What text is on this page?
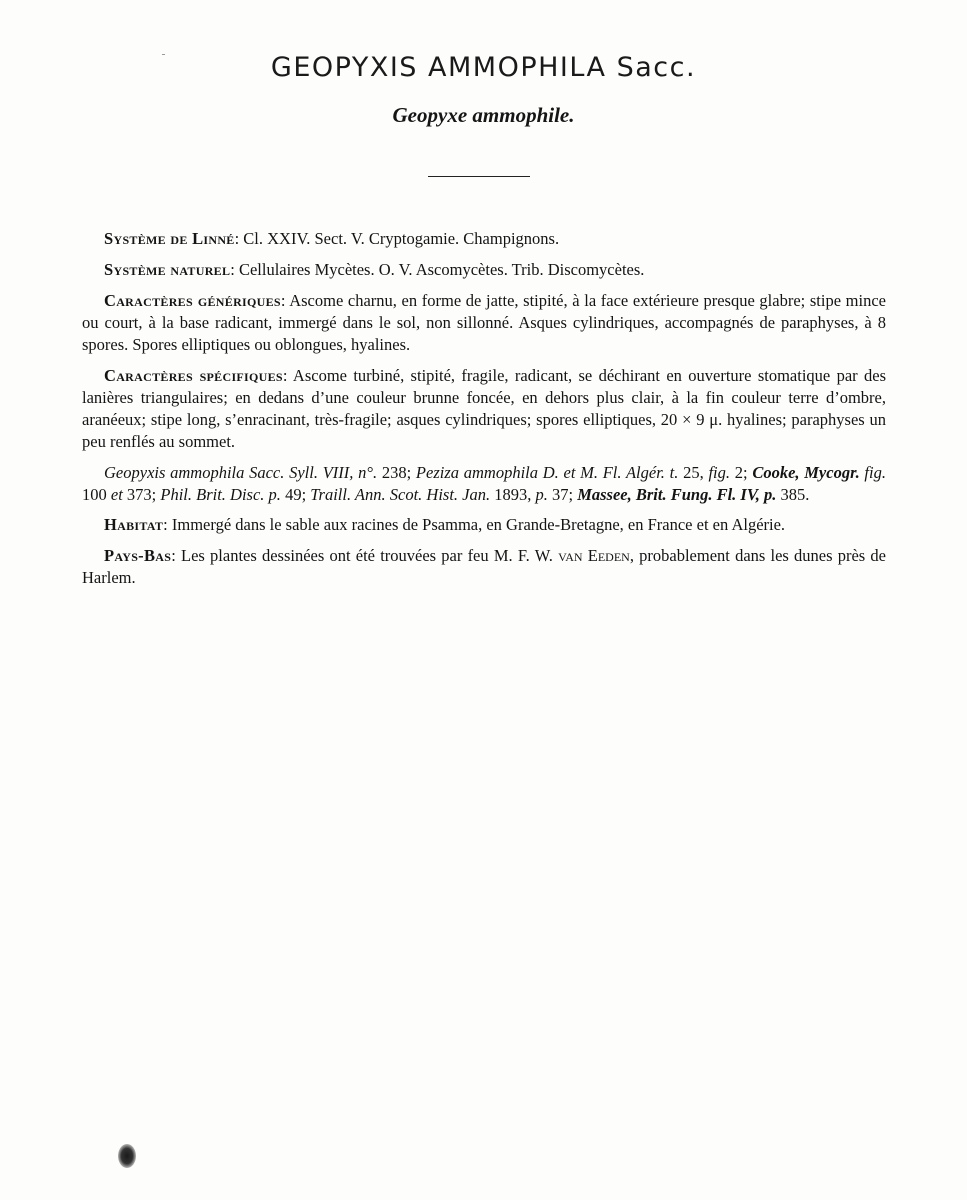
GEOPYXIS AMMOPHILA Sacc.
Geopyxe ammophile.

Système de Linné: Cl. XXIV. Sect. V. Cryptogamie. Champignons.

Système naturel: Cellulaires Mycètes. O. V. Ascomycètes. Trib. Discomycètes.

Caractères génériques: Ascome charnu, en forme de jatte, stipité, à la face extérieure presque glabre; stipe mince ou court, à la base radicant, immergé dans le sol, non sillonné. Asques cylindriques, accompagnés de paraphyses, à 8 spores. Spores elliptiques ou oblongues, hyalines.

Caractères spécifiques: Ascome turbiné, stipité, fragile, radicant, se déchirant en ouverture stomatique par des lanières triangulaires; en dedans d’une couleur brunne foncée, en dehors plus clair, à la fin couleur terre d’ombre, aranéeux; stipe long, s’enracinant, très-fragile; asques cylindriques; spores elliptiques, 20 × 9 μ. hyalines; paraphyses un peu renflés au sommet.

Geopyxis ammophila Sacc. Syll. VIII, n°. 238; Peziza ammophila D. et M. Fl. Algér. t. 25, fig. 2; Cooke, Mycogr. fig. 100 et 373; Phil. Brit. Disc. p. 49; Traill. Ann. Scot. Hist. Jan. 1893, p. 37; Massee, Brit. Fung. Fl. IV, p. 385.

Habitat: Immergé dans le sable aux racines de Psamma, en Grande-Bretagne, en France et en Algérie.

Pays-Bas: Les plantes dessinées ont été trouvées par feu M. F. W. van Eeden, probablement dans les dunes près de Harlem.
